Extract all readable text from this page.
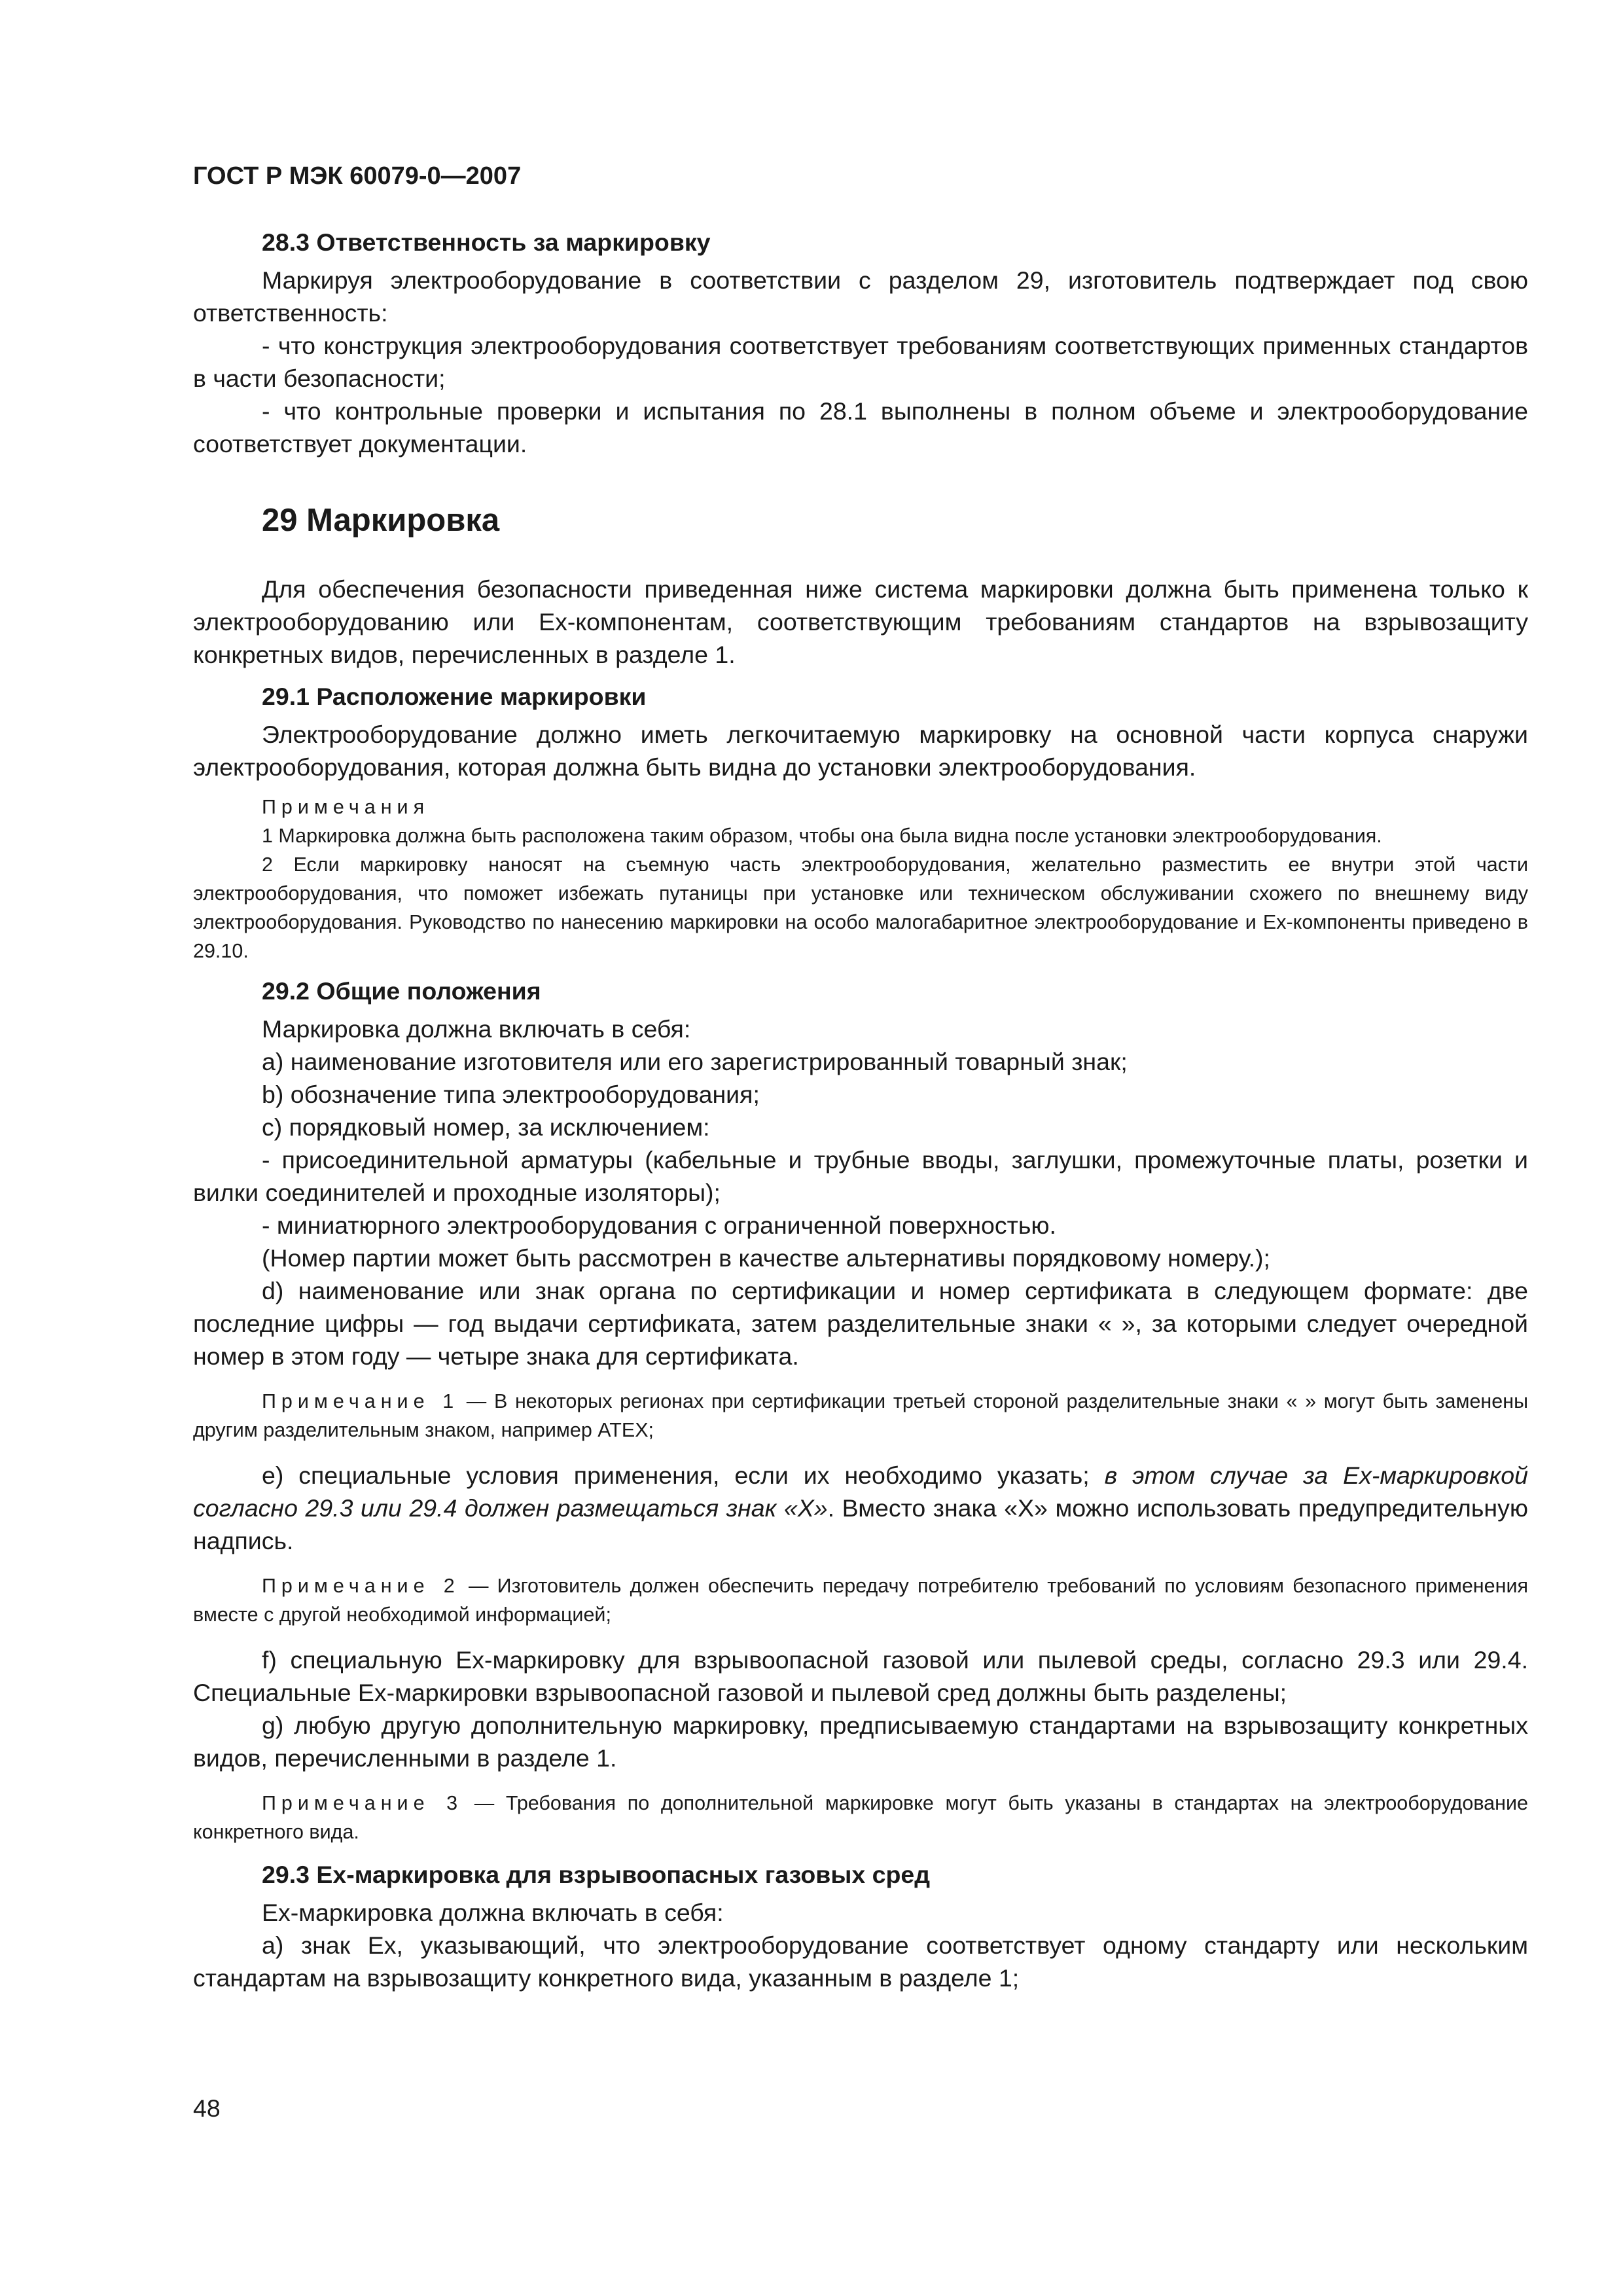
ГОСТ Р МЭК 60079-0—2007
28.3 Ответственность за маркировку

Маркируя электрооборудование в соответствии с разделом 29, изготовитель подтверждает под свою ответственность:

- что конструкция электрооборудования соответствует требованиям соответствующих применных стандартов в части безопасности;

- что контрольные проверки и испытания по 28.1 выполнены в полном объеме и электрооборудование соответствует документации.

29 Маркировка

Для обеспечения безопасности приведенная ниже система маркировки должна быть применена только к электрооборудованию или Ex-компонентам, соответствующим требованиям стандартов на взрывозащиту конкретных видов, перечисленных в разделе 1.

29.1 Расположение маркировки

Электрооборудование должно иметь легкочитаемую маркировку на основной части корпуса снаружи электрооборудования, которая должна быть видна до установки электрооборудования.

Примечания

1 Маркировка должна быть расположена таким образом, чтобы она была видна после установки электрооборудования.

2 Если маркировку наносят на съемную часть электрооборудования, желательно разместить ее внутри этой части электрооборудования, что поможет избежать путаницы при установке или техническом обслуживании схожего по внешнему виду электрооборудования. Руководство по нанесению маркировки на особо малогабаритное электрооборудование и Ex-компоненты приведено в 29.10.

29.2 Общие положения

Маркировка должна включать в себя:

а) наименование изготовителя или его зарегистрированный товарный знак;

b) обозначение типа электрооборудования;

с) порядковый номер, за исключением:

- присоединительной арматуры (кабельные и трубные вводы, заглушки, промежуточные платы, розетки и вилки соединителей и проходные изоляторы);

- миниатюрного электрооборудования с ограниченной поверхностью.

(Номер партии может быть рассмотрен в качестве альтернативы порядковому номеру.);

d) наименование или знак органа по сертификации и номер сертификата в следующем формате: две последние цифры — год выдачи сертификата, затем разделительные знаки « », за которыми следует очередной номер в этом году — четыре знака для сертификата.

Примечание 1 — В некоторых регионах при сертификации третьей стороной разделительные знаки « » могут быть заменены другим разделительным знаком, например АТЕХ;

е) специальные условия применения, если их необходимо указать; в этом случае за Ex-маркировкой согласно 29.3 или 29.4 должен размещаться знак «X». Вместо знака «X» можно использовать предупредительную надпись.

Примечание 2 — Изготовитель должен обеспечить передачу потребителю требований по условиям безопасного применения вместе с другой необходимой информацией;

f) специальную Ex-маркировку для взрывоопасной газовой или пылевой среды, согласно 29.3 или 29.4. Специальные Ex-маркировки взрывоопасной газовой и пылевой сред должны быть разделены;

g) любую другую дополнительную маркировку, предписываемую стандартами на взрывозащиту конкретных видов, перечисленными в разделе 1.

Примечание 3 — Требования по дополнительной маркировке могут быть указаны в стандартах на электрооборудование конкретного вида.

29.3 Ex-маркировка для взрывоопасных газовых сред

Ex-маркировка должна включать в себя:

а) знак Ex, указывающий, что электрооборудование соответствует одному стандарту или нескольким стандартам на взрывозащиту конкретного вида, указанным в разделе 1;

48
